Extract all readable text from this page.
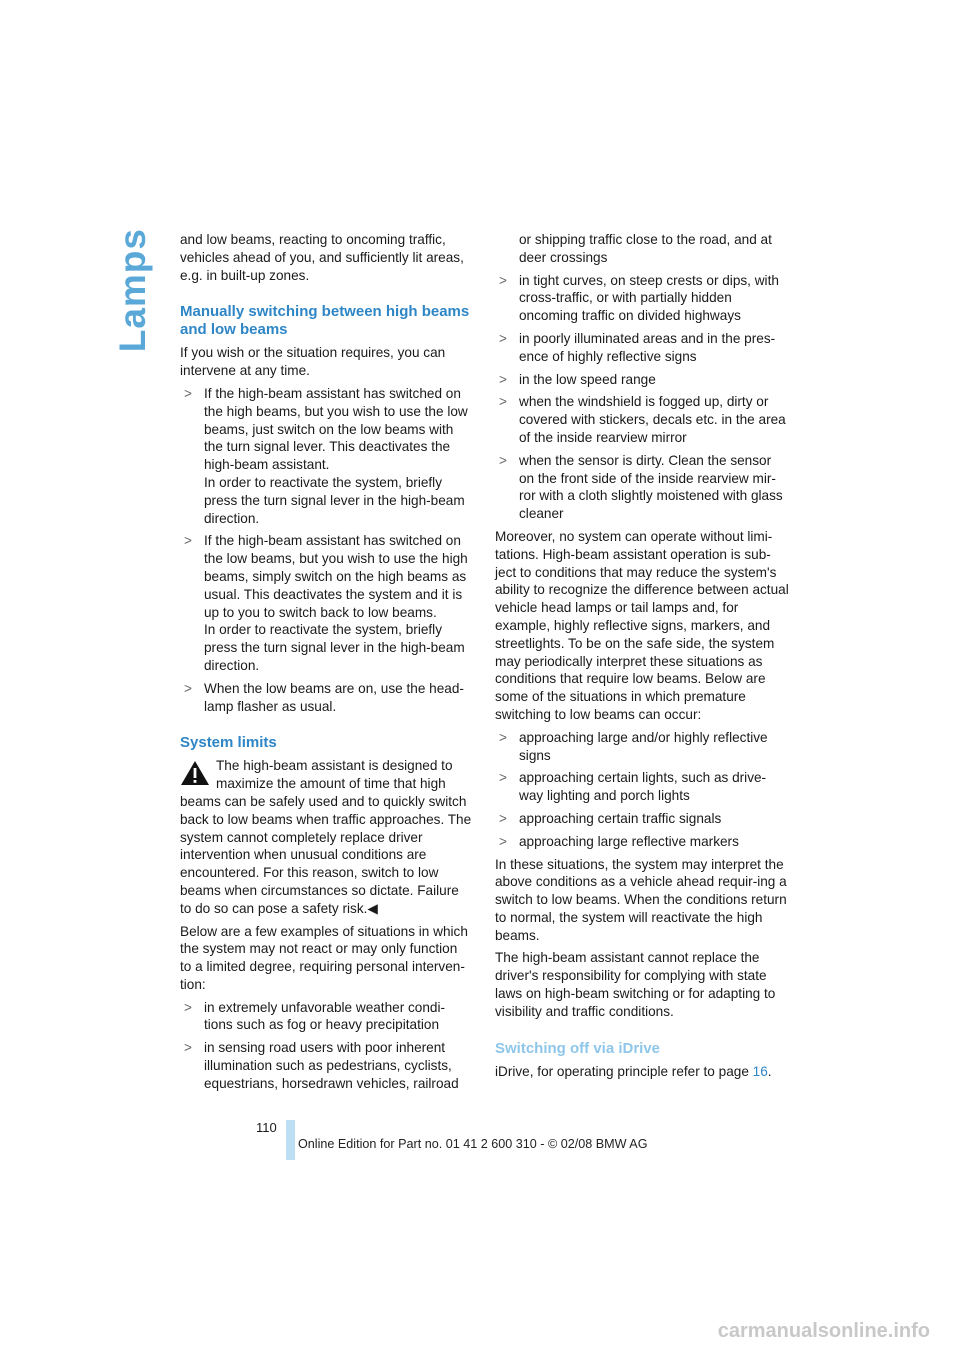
Lamps and low beams, reacting to oncoming traffic, vehicles ahead of you, and sufficiently lit areas, e.g. in built-up zones.

Manually switching between high beams and low beams

If you wish or the situation requires, you can intervene at any time.

> If the high-beam assistant has switched on the high beams, but you wish to use the low beams, just switch on the low beams with the turn signal lever. This deactivates the high-beam assistant.
In order to reactivate the system, briefly press the turn signal lever in the high-beam direction.
> If the high-beam assistant has switched on the low beams, but you wish to use the high beams, simply switch on the high beams as usual. This deactivates the system and it is up to you to switch back to low beams.
In order to reactivate the system, briefly press the turn signal lever in the high-beam direction.
> When the low beams are on, use the head-lamp flasher as usual.
System limits
The high-beam assistant is designed to maximize the amount of time that high beams can be safely used and to quickly switch back to low beams when traffic approaches. The system cannot completely replace driver intervention when unusual conditions are encountered. For this reason, switch to low beams when circumstances so dictate. Failure to do so can pose a safety risk.◀

Below are a few examples of situations in which the system may not react or may only function to a limited degree, requiring personal interven-tion:

> in extremely unfavorable weather condi-tions such as fog or heavy precipitation
> in sensing road users with poor inherent illumination such as pedestrians, cyclists, equestrians, horsedrawn vehicles, railroad
or shipping traffic close to the road, and at deer crossings
> in tight curves, on steep crests or dips, with cross-traffic, or with partially hidden oncoming traffic on divided highways
> in poorly illuminated areas and in the pres-ence of highly reflective signs
> in the low speed range
> when the windshield is fogged up, dirty or covered with stickers, decals etc. in the area of the inside rearview mirror
> when the sensor is dirty. Clean the sensor on the front side of the inside rearview mir-ror with a cloth slightly moistened with glass cleaner

Moreover, no system can operate without limi-tations. High-beam assistant operation is sub-ject to conditions that may reduce the system's ability to recognize the difference between actual vehicle head lamps or tail lamps and, for example, highly reflective signs, markers, and streetlights. To be on the safe side, the system may periodically interpret these situations as conditions that require low beams. Below are some of the situations in which premature switching to low beams can occur:

> approaching large and/or highly reflective signs
> approaching certain lights, such as drive-way lighting and porch lights
> approaching certain traffic signals
> approaching large reflective markers

In these situations, the system may interpret the above conditions as a vehicle ahead requir-ing a switch to low beams. When the conditions return to normal, the system will reactivate the high beams.

The high-beam assistant cannot replace the driver's responsibility for complying with state laws on high-beam switching or for adapting to visibility and traffic conditions.

Switching off via iDrive

iDrive, for operating principle refer to page 16.

110
Online Edition for Part no. 01 41 2 600 310 - © 02/08 BMW AG
carmanualsonline.info
